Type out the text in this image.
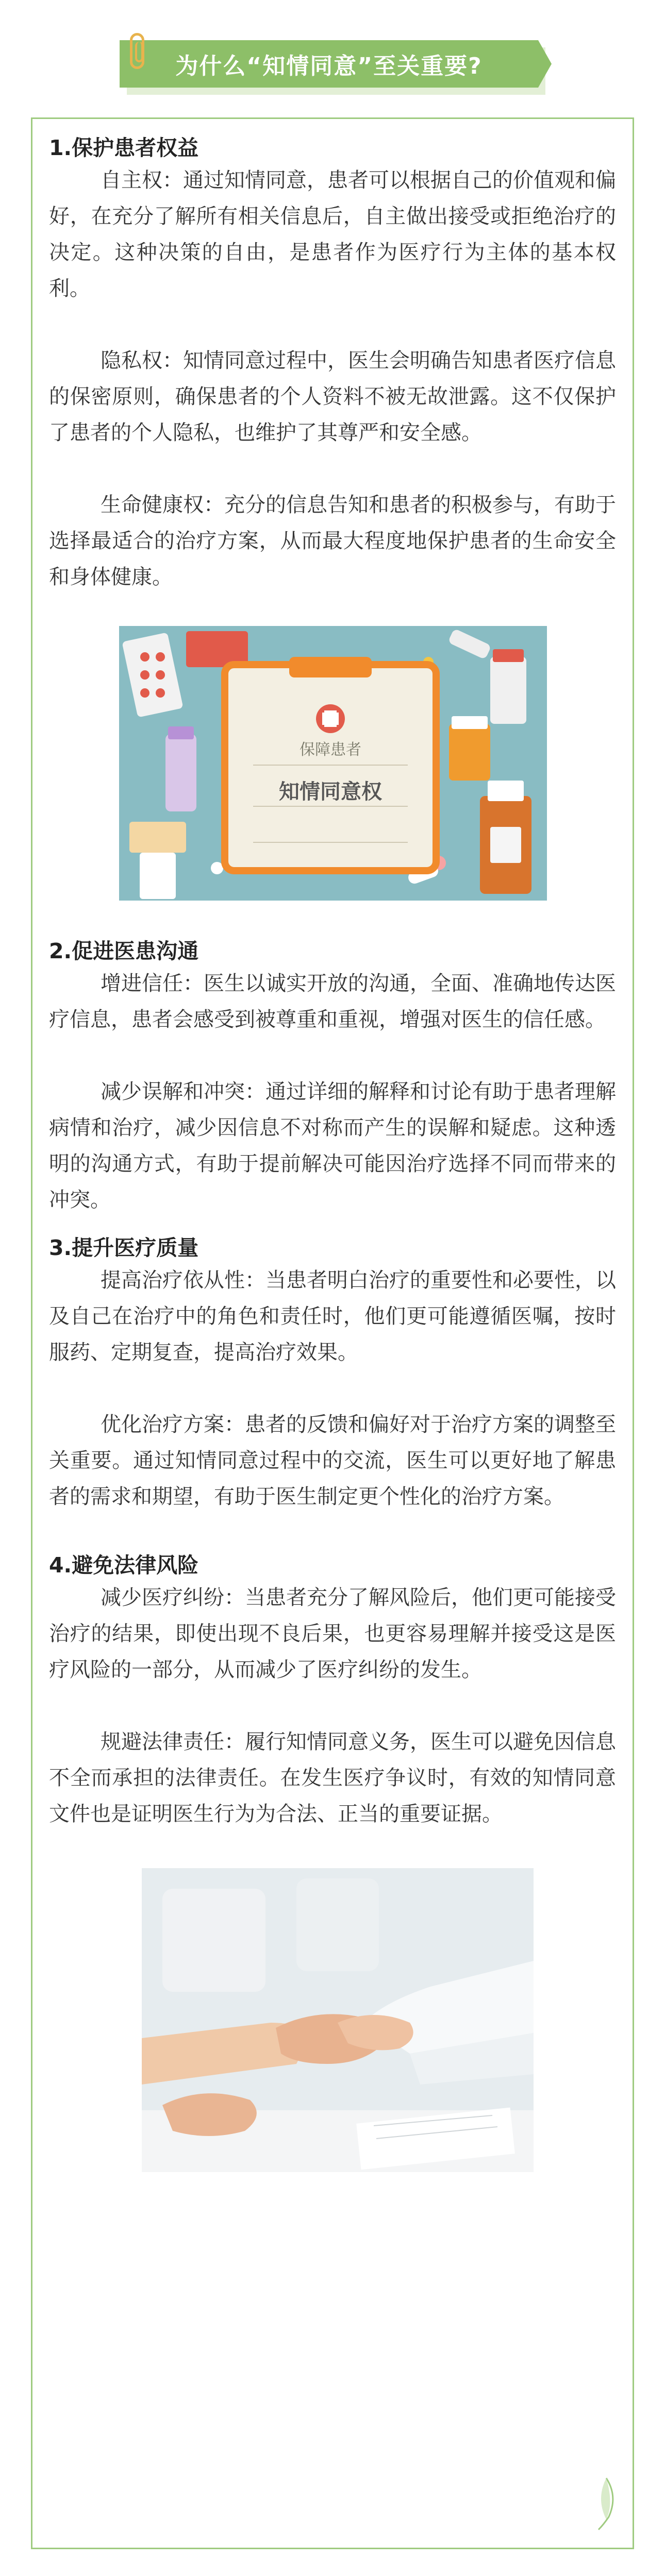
为什么“知情同意”至关重要?
1.保护患者权益

自主权：通过知情同意，患者可以根据自己的价值观和偏好，在充分了解所有相关信息后，自主做出接受或拒绝治疗的决定。这种决策的自由，是患者作为医疗行为主体的基本权利。

隐私权：知情同意过程中，医生会明确告知患者医疗信息的保密原则，确保患者的个人资料不被无故泄露。这不仅保护了患者的个人隐私，也维护了其尊严和安全感。

生命健康权：充分的信息告知和患者的积极参与，有助于选择最适合的治疗方案，从而最大程度地保护患者的生命安全和身体健康。

保障患者
知情同意权
2.促进医患沟通

增进信任：医生以诚实开放的沟通，全面、准确地传达医疗信息，患者会感受到被尊重和重视，增强对医生的信任感。

减少误解和冲突：通过详细的解释和讨论有助于患者理解病情和治疗，减少因信息不对称而产生的误解和疑虑。这种透明的沟通方式，有助于提前解决可能因治疗选择不同而带来的冲突。

3.提升医疗质量

提高治疗依从性：当患者明白治疗的重要性和必要性，以及自己在治疗中的角色和责任时，他们更可能遵循医嘱，按时服药、定期复查，提高治疗效果。

优化治疗方案：患者的反馈和偏好对于治疗方案的调整至关重要。通过知情同意过程中的交流，医生可以更好地了解患者的需求和期望，有助于医生制定更个性化的治疗方案。

4.避免法律风险

减少医疗纠纷：当患者充分了解风险后，他们更可能接受治疗的结果，即使出现不良后果，也更容易理解并接受这是医疗风险的一部分，从而减少了医疗纠纷的发生。

规避法律责任：履行知情同意义务，医生可以避免因信息不全而承担的法律责任。在发生医疗争议时，有效的知情同意文件也是证明医生行为为合法、正当的重要证据。
